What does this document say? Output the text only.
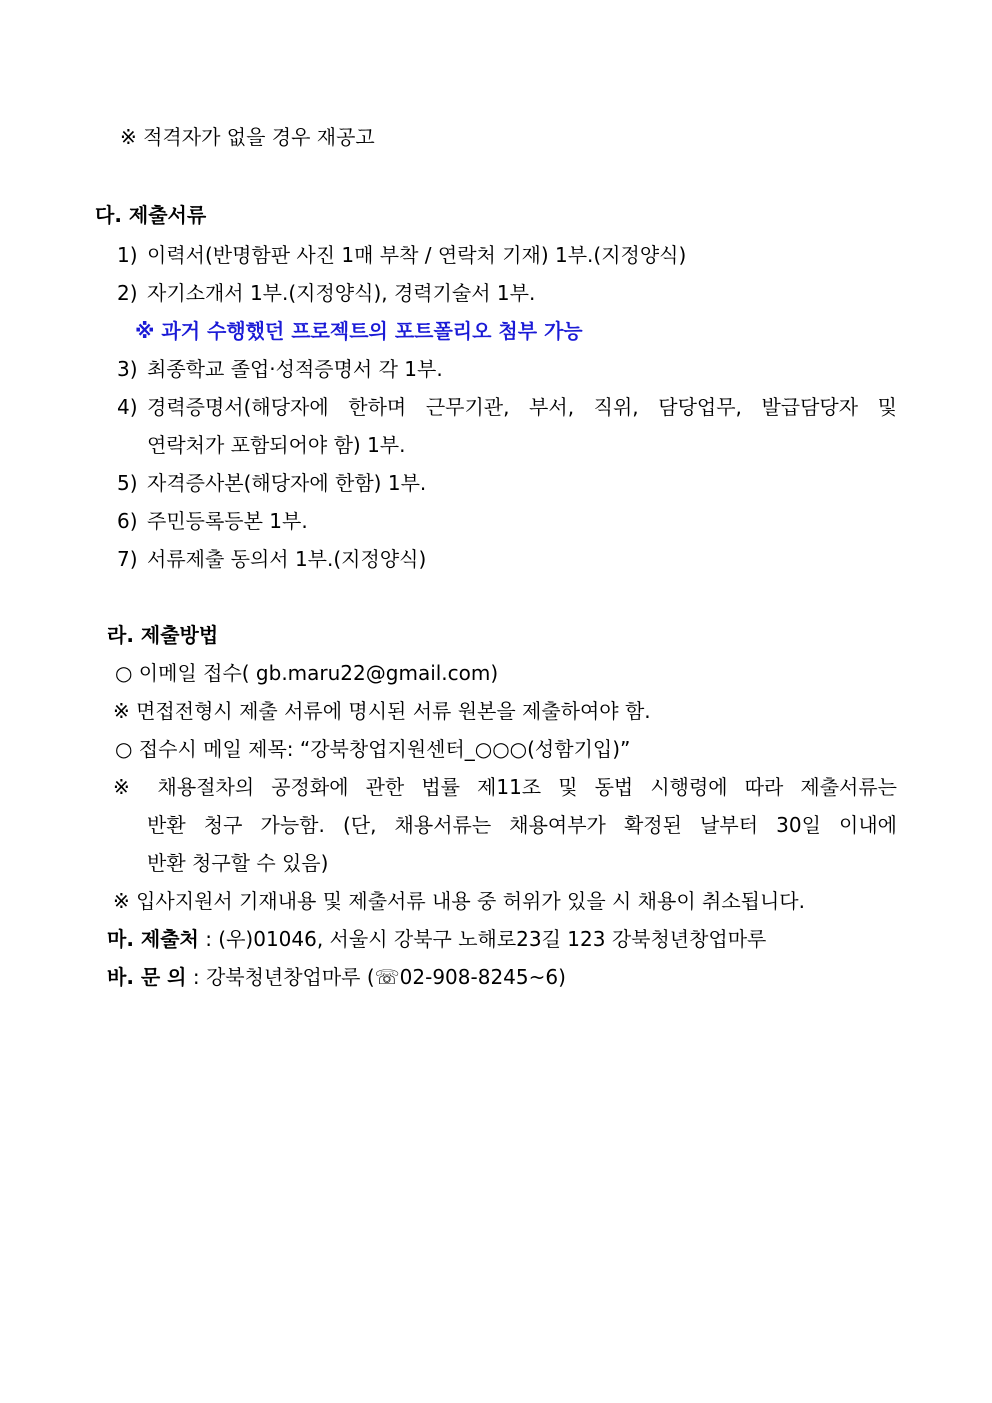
※ 적격자가 없을 경우 재공고
다. 제출서류
1) 이력서(반명함판 사진 1매 부착 / 연락처 기재) 1부.(지정양식)
2) 자기소개서 1부.(지정양식), 경력기술서 1부.
※ 과거 수행했던 프로젝트의 포트폴리오 첨부 가능
3) 최종학교 졸업·성적증명서 각 1부.
4) 경력증명서(해당자에 한하며 근무기관, 부서, 직위, 담당업무, 발급담당자 및
연락처가 포함되어야 함) 1부.
5) 자격증사본(해당자에 한함) 1부.
6) 주민등록등본 1부.
7) 서류제출 동의서 1부.(지정양식)
라. 제출방법
○ 이메일 접수( gb.maru22@gmail.com)
※ 면접전형시 제출 서류에 명시된 서류 원본을 제출하여야 함.
○ 접수시 메일 제목: “강북창업지원센터_○○○(성함기입)”
※ 채용절차의 공정화에 관한 법률 제11조 및 동법 시행령에 따라 제출서류는
반환 청구 가능함. (단, 채용서류는 채용여부가 확정된 날부터 30일 이내에
반환 청구할 수 있음)
※ 입사지원서 기재내용 및 제출서류 내용 중 허위가 있을 시 채용이 취소됩니다.
마. 제출처 : (우)01046, 서울시 강북구 노해로23길 123 강북청년창업마루
바. 문 의 : 강북청년창업마루 (☏02-908-8245~6)
